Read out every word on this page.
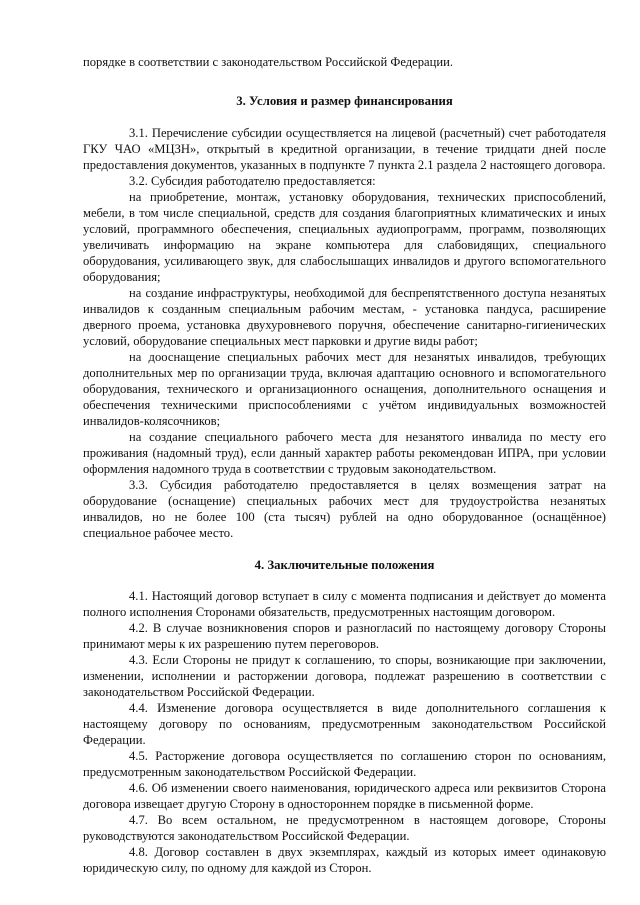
порядке в соответствии с законодательством Российской Федерации.

3. Условия и размер финансирования

3.1. Перечисление субсидии осуществляется на лицевой (расчетный) счет работодателя ГКУ ЧАО «МЦЗН», открытый в кредитной организации, в течение тридцати дней после предоставления документов, указанных в подпункте 7 пункта 2.1 раздела 2 настоящего договора.

3.2. Субсидия работодателю предоставляется:

на приобретение, монтаж, установку оборудования, технических приспособлений, мебели, в том числе специальной, средств для создания благоприятных климатических и иных условий, программного обеспечения, специальных аудиопрограмм, программ, позволяющих увеличивать информацию на экране компьютера для слабовидящих, специального оборудования, усиливающего звук, для слабослышащих инвалидов и другого вспомогательного оборудования;

на создание инфраструктуры, необходимой для беспрепятственного доступа незанятых инвалидов к созданным специальным рабочим местам, - установка пандуса, расширение дверного проема, установка двухуровневого поручня, обеспечение санитарно-гигиенических условий, оборудование специальных мест парковки и другие виды работ;

на дооснащение специальных рабочих мест для незанятых инвалидов, требующих дополнительных мер по организации труда, включая адаптацию основного и вспомогательного оборудования, технического и организационного оснащения, дополнительного оснащения и обеспечения техническими приспособлениями с учётом индивидуальных возможностей инвалидов-колясочников;

на создание специального рабочего места для незанятого инвалида по месту его проживания (надомный труд), если данный характер работы рекомендован ИПРА, при условии оформления надомного труда в соответствии с трудовым законодательством.

3.3. Субсидия работодателю предоставляется в целях возмещения затрат на оборудование (оснащение) специальных рабочих мест для трудоустройства незанятых инвалидов, но не более 100 (ста тысяч) рублей на одно оборудованное (оснащённое) специальное рабочее место.

4. Заключительные положения

4.1. Настоящий договор вступает в силу с момента подписания и действует до момента полного исполнения Сторонами обязательств, предусмотренных настоящим договором.

4.2. В случае возникновения споров и разногласий по настоящему договору Стороны принимают меры к их разрешению путем переговоров.

4.3. Если Стороны не придут к соглашению, то споры, возникающие при заключении, изменении, исполнении и расторжении договора, подлежат разрешению в соответствии с законодательством Российской Федерации.

4.4. Изменение договора осуществляется в виде дополнительного соглашения к настоящему договору по основаниям, предусмотренным законодательством Российской Федерации.

4.5. Расторжение договора осуществляется по соглашению сторон по основаниям, предусмотренным законодательством Российской Федерации.

4.6. Об изменении своего наименования, юридического адреса или реквизитов Сторона договора извещает другую Сторону в одностороннем порядке в письменной форме.

4.7. Во всем остальном, не предусмотренном в настоящем договоре, Стороны руководствуются законодательством Российской Федерации.

4.8. Договор составлен в двух экземплярах, каждый из которых имеет одинаковую юридическую силу, по одному для каждой из Сторон.
